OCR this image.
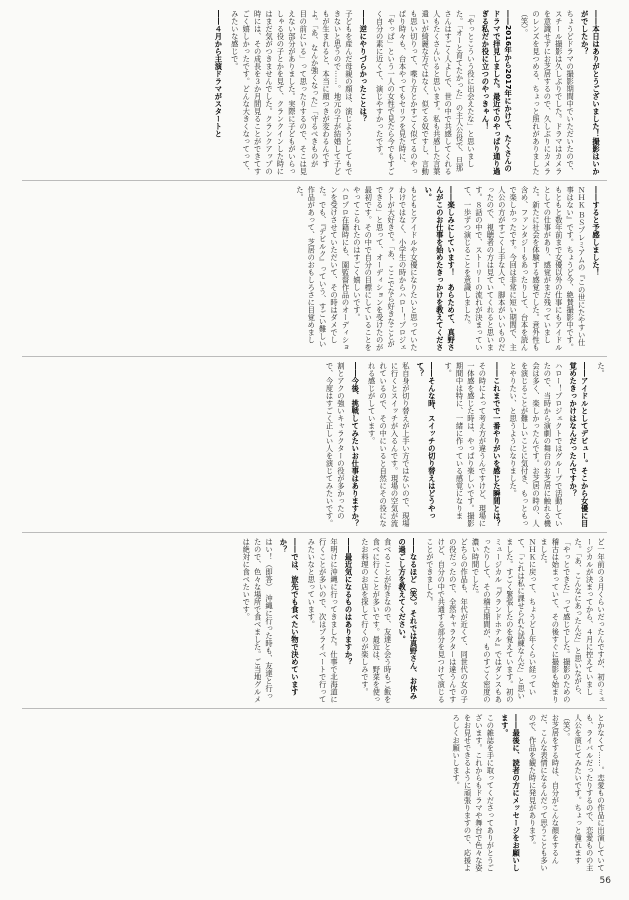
――本日はありがとうございました！撮影はいかがでしたか？
ちょうどドラマの撮影期間中でいただいたので、スチール撮影は久しぶりでした。ドラマはカメラを意識せずにお芝居するので、久しぶりにカメラのレンズを見つめる、ちょっと照れがありました（笑）。
――2016年から2017年にかけて、たくさんのドラマで拝見しました。最近でのやっぱり通り過ぎる私だか役に立つのやっきゃん！
「やっとこういう役に出会えたな」と思いました。「オーと育てたかった」の主人公役で、旦那さんはすごく人よしで、世の中で共感してくれる人もたくさんいると思います。私も共感した言葉遣いが綺麗な方ではなく、似てる奴ですし、言動も思い切りって、喋り方とかすごく似てるのやっぱり時々も、台本やってもセリフを見た時に、「やっぱ」という一人の女性で見たら今でもすごく自分の素に近くて、演じやすかったです。
――逆にやりづらかったことは？
子どもを産んだ母親の顔は、演じようとしてもできないと思うので……。地元の子が結婚して子どもが生まれると、本当に顔つきが変わるんですよ。「あ、なんか強くなった」「守るべきものが目の前にいる」って思ったりするので、そこは見えない部分がありました。実際に子どもがいらっしゃる役の子とかを見て、クランクインした時にはまだ気がつきませんでした。クランクアップの時には、その成長を３か月間見ることができてすごく嬉しかったです。どんな大きくなってって、みたいな感じで。
――４月から主演ドラマがスタートと
――すると予感しました！
ＮＨＫ ＢＳプレミアムの『この世にたやすい仕事はない』です。ちょうど今、絶賛撮影中です。もともと数年前まで女優以外の仕事にもアイドルとしての仕事があり、感覚がまだ残っていました。新たに社会を体験する感覚でした。意外性も含め、ファンタジーもあったりして、台本を読んで楽しかったです。今回は非常に短い期間で、主人公の方がすごく上手な人で、脚本がいいものだったので、視聴者の方は見ていてくれると思います。８話の中で、ストーリーの流れが決まっていて、一歩ずつ演じることを意識しました。
――楽しみにしています！　あらためて、真野さんがこのお仕事を始めたきっかけを教えてください。
もともとアイドルや女優になりたいと思っていたわけではなく、小学生の時からハロー！プロジェクトが大好きで。「あ、ここでなら好きなことができる」と思って、オーディションを受けたのが最初です。その中で自分の目標にしていることをやってこられたのはすごく嬉しいです。
ハロプロ在籍時にも、園監督作品のオーディションを受けさせていただいて、その時はダメでした。でも、『デビルク』っていう、すごい難しい作品があって、芝居のおもしろさに目覚めました。
た。
――アイドルとしてデビュー。そこから女優に目覚めたきっかけはなんだったんですか？
ハロー！プロジェクトではグループで活動していたので、当時から演劇の舞台のお芝居に触れる機会は多く、楽しかったんです。お芝居の時の、人を演じることが難しいことに気付き、もっともっとやりたい、と思うようになりました。
――これまでで一番やりがいを感じた瞬間とは？
その時によって考え方が違うんですけど、現場に一体感を感じた時は、やっぱり楽しいです。撮影期間中は特に、一緒に作っている感覚になります。
――そんな時、スイッチの切り替えはどうやって？
私自身が切り替えが上手い方ではないので、現場に行くとスイッチが入るんです。現場の空気が流れているので、その中にいると自然にその役になれる感じがしています。
――今後、挑戦してみたいお仕事はありますか？
割とアクの強いキャラクターの役が多かったので、今度はすごく正しい人を演じてみたいです。
ど一年前の３月くらいだったんですが、初のミュージカルが決まってから、４月に控えていました。「あ、こんなにあったんだ」と思いながら、「やっとできた」って感じでした。撮影のための稽古は始まっていて、その後すぐに撮影も始まりました。
ＮＨＫに戻って、ちょうど１年くらい経っていて、「これは私に課せられた試練なんだ」と思いました。すごく緊張したのを覚えています。初のミュージカル『グランドホテル』ではダンスもあったりして、その稽古期間が、ものすごく密度の濃い時間でした。
どちらの作品も、年代が近くて、同世代の女の子の役だったので、全然キャラクターは違うんですけど、自分の中で共通する部分を見つけて演じることができました。
――なるほど（笑）。それでは真野さん、お休みの過ごし方を教えてください。
食べることが好きなので、友達と会う時もご飯を食べに行くことが多いです。最近は、野菜を使ったお料理のお店を探して行くのが楽しみです。
――最近気になるものはありますか？
年明けに沖縄に行ってきました。仕事で北海道に行くことが多いので、次はプライベートで行ってみたいなと思っています。
――では、旅先でも食べたい物で決めていますか？
はい！（即答）　沖縄に行った時も、友達と行ったので、色々な場所で食べました。ご当地グルメは絶対に食べたいです。
とかなくて……。恋愛もの作品に出演していても、ライバルだったりするので、恋愛ものの主人公を演じてみたいです。ちょっと憧れます（笑）。
お芝居をする時は、自分がこんな顔をするんだ、こんな表情になるんだって思うことも多いので、作品を観た時に発見があります。
――最後に、読者の方にメッセージをお願いします。
この雑誌を手に取ってくださってありがとうございます。これからもドラマや舞台で色々な姿をお見せできるように頑張りますので、応援よろしくお願いします。
56
